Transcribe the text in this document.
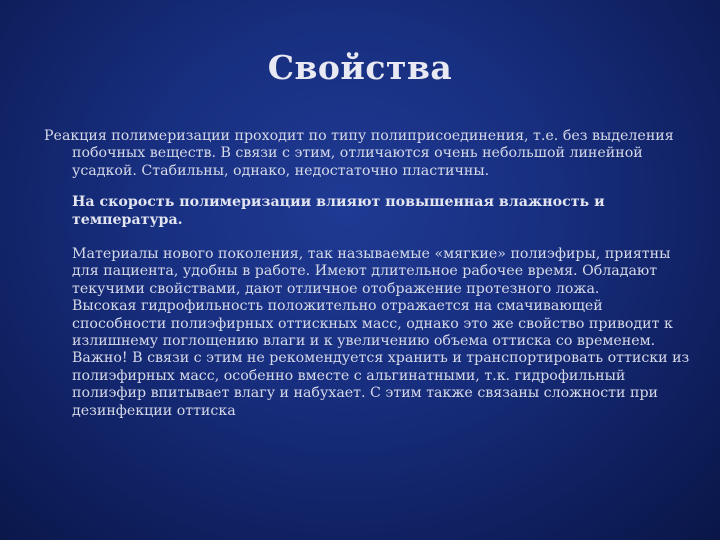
Свойства

Реакция полимеризации проходит по типу полиприсоединения, т.е. без выделения побочных веществ. В связи с этим, отличаются очень небольшой линейной усадкой. Стабильны, однако, недостаточно пластичны.

На скорость полимеризации влияют повышенная влажность и температура.

Материалы нового поколения, так называемые «мягкие» полиэфиры, приятны для пациента, удобны в работе. Имеют длительное рабочее время. Обладают текучими свойствами, дают отличное отображение протезного ложа.
Высокая гидрофильность положительно отражается на смачивающей способности полиэфирных оттискных масс, однако это же свойство приводит к излишнему поглощению влаги и к увеличению объема оттиска со временем. Важно! В связи с этим не рекомендуется хранить и транспортировать оттиски из полиэфирных масс, особенно вместе с альгинатными, т.к. гидрофильный полиэфир впитывает влагу и набухает. С этим также связаны сложности при дезинфекции оттиска
